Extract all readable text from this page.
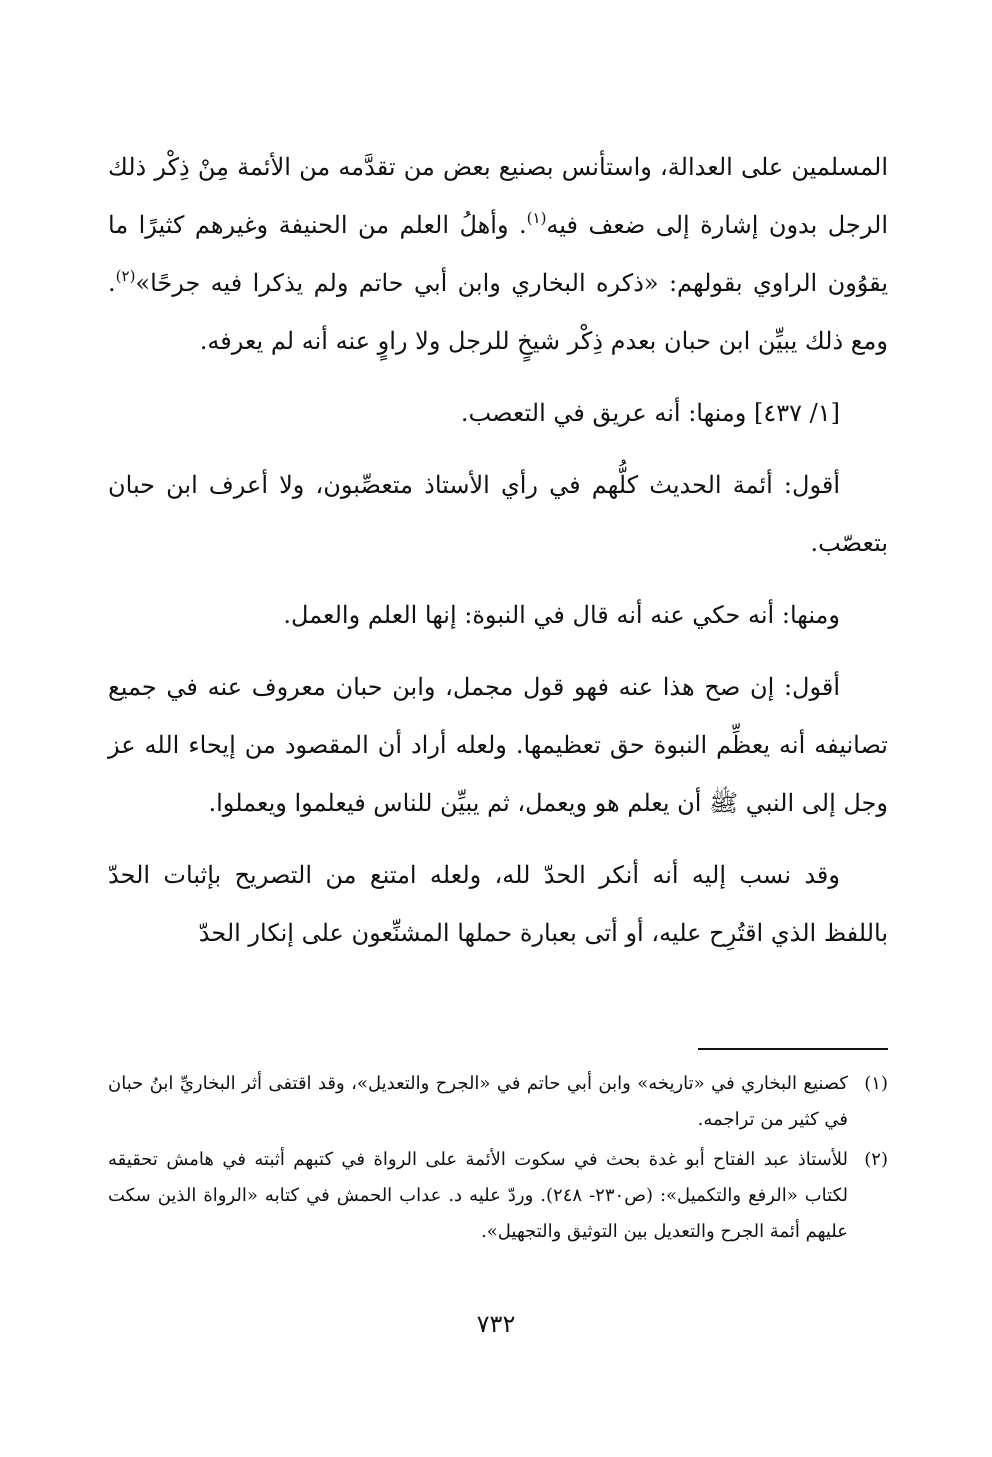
المسلمين على العدالة، واستأنس بصنيع بعض من تقدَّمه من الأئمة مِنْ ذِكْر ذلك الرجل بدون إشارة إلى ضعف فيه$^{(١)}$. وأهلُ العلم من الحنيفة وغيرهم كثيرًا ما يقوُون الراوي بقولهم: «ذكره البخاري وابن أبي حاتم ولم يذكرا فيه جرحًا»$^{(٢)}$. ومع ذلك يبيِّن ابن حبان بعدم ذِكْر شيخٍ للرجل ولا راوٍ عنه أنه لم يعرفه.

[١/ ٤٣٧] ومنها: أنه عريق في التعصب.

أقول: أئمة الحديث كلُّهم في رأي الأستاذ متعصِّبون، ولا أعرف ابن حبان بتعصّب.

ومنها: أنه حكي عنه أنه قال في النبوة: إنها العلم والعمل.

أقول: إن صح هذا عنه فهو قول مجمل، وابن حبان معروف عنه في جميع تصانيفه أنه يعظِّم النبوة حق تعظيمها. ولعله أراد أن المقصود من إيحاء الله عز وجل إلى النبي ﷺ أن يعلم هو ويعمل، ثم يبيِّن للناس فيعلموا ويعملوا.

وقد نسب إليه أنه أنكر الحدّ لله، ولعله امتنع من التصريح بإثبات الحدّ باللفظ الذي اقتُرِح عليه، أو أتى بعبارة حملها المشنِّعون على إنكار الحدّ

(١)
كصنيع البخاري في «تاريخه» وابن أبي حاتم في «الجرح والتعديل»، وقد اقتفى أثر البخاريِّ ابنُ حبان في كثير من تراجمه.
(٢)
للأستاذ عبد الفتاح أبو غدة بحث في سكوت الأئمة على الرواة في كتبهم أثبته في هامش تحقيقه لكتاب «الرفع والتكميل»: (ص٢٣٠- ٢٤٨). وردّ عليه د. عداب الحمش في كتابه «الرواة الذين سكت عليهم أئمة الجرح والتعديل بين التوثيق والتجهيل».
٧٣٢
